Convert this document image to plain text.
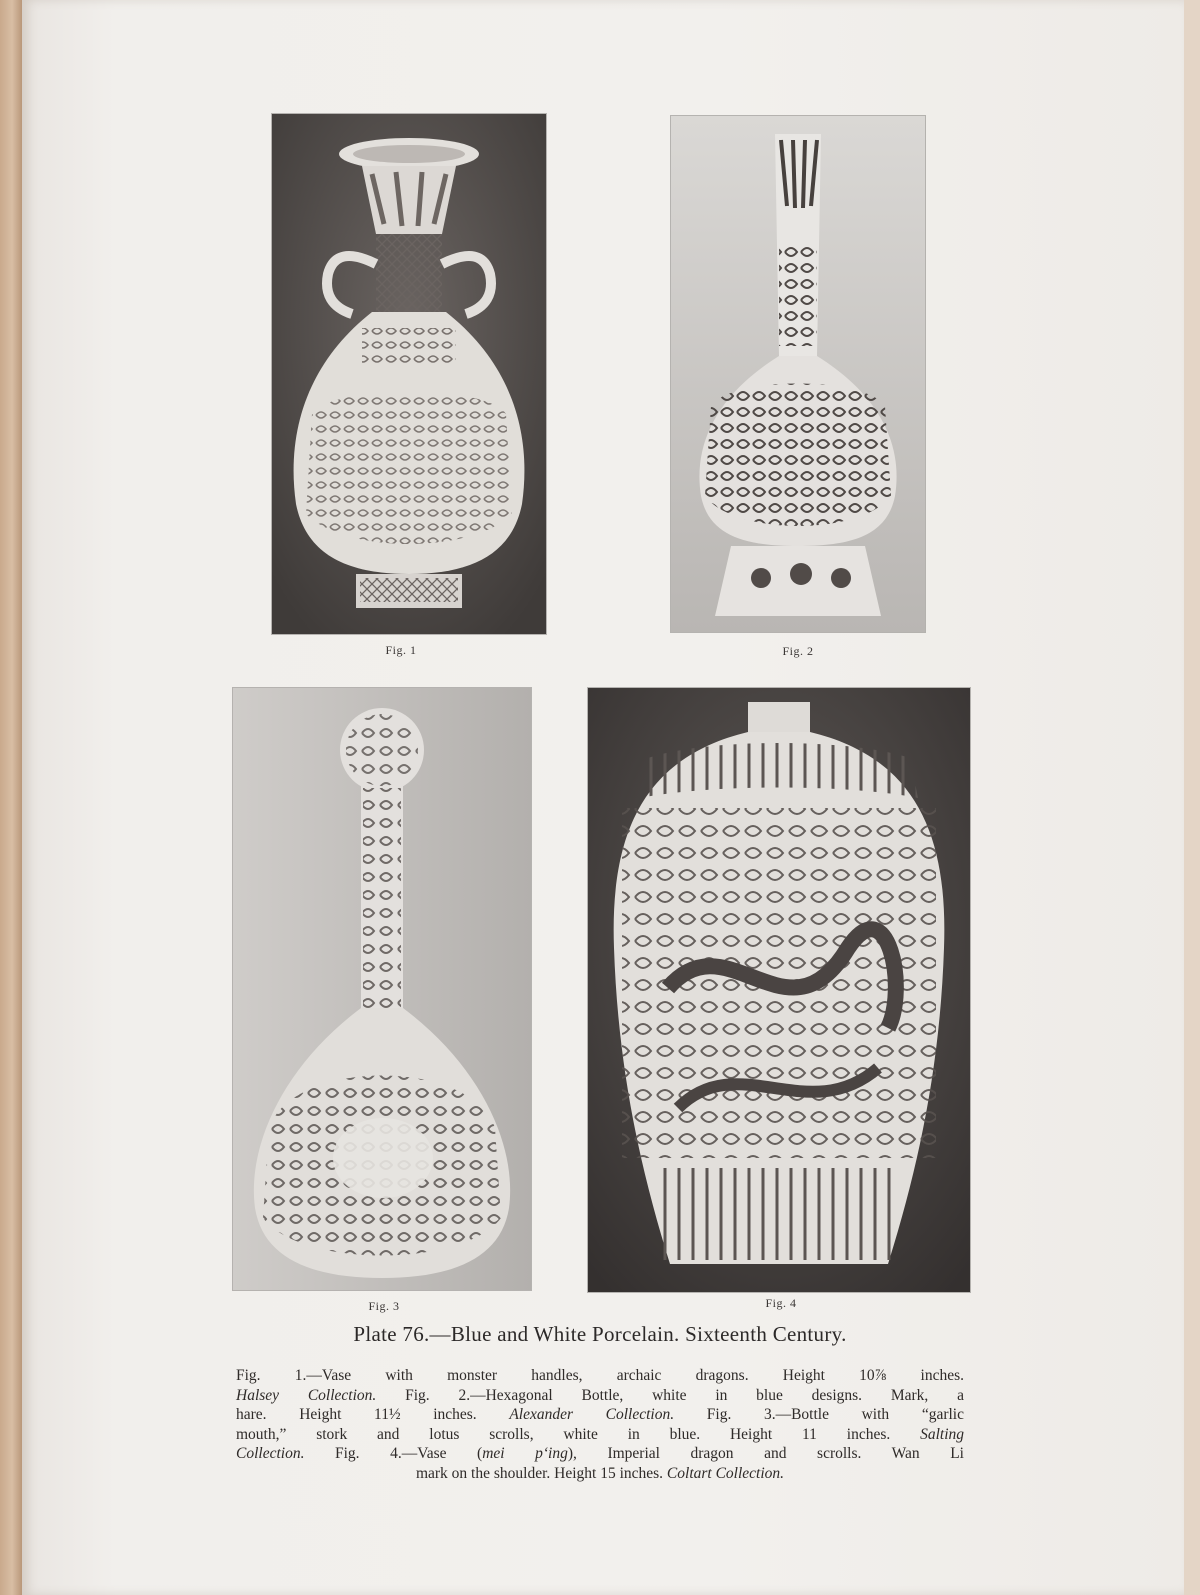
Fig. 1	Fig. 2
Fig. 3	Fig. 4
Plate 76.—Blue and White Porcelain. Sixteenth Century.

Fig. 1.—Vase with monster handles, archaic dragons. Height 10⅞ inches.

Halsey Collection. Fig. 2.—Hexagonal Bottle, white in blue designs. Mark, a

hare. Height 11½ inches. Alexander Collection. Fig. 3.—Bottle with “garlic

mouth,” stork and lotus scrolls, white in blue. Height 11 inches. Salting

Collection. Fig. 4.—Vase (mei pʻing), Imperial dragon and scrolls. Wan Li

mark on the shoulder. Height 15 inches. Coltart Collection.
